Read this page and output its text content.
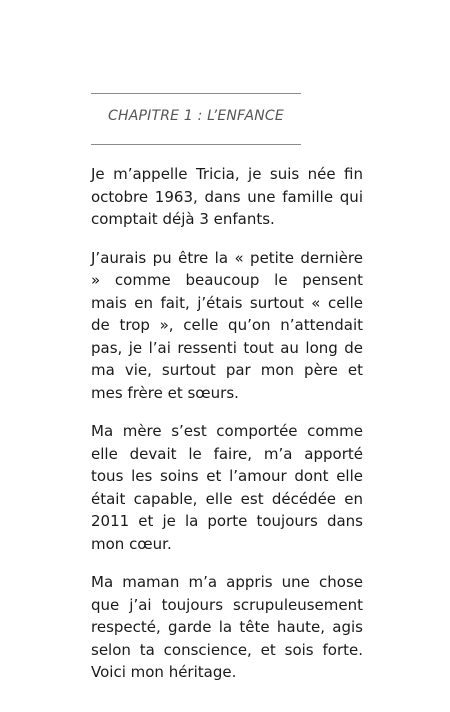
CHAPITRE 1 : L’ENFANCE

Je m’appelle Tricia, je suis née fin octobre 1963, dans une famille qui comptait déjà 3 enfants.

J’aurais pu être la « petite dernière » comme beaucoup le pensent mais en fait, j’étais surtout « celle de trop », celle qu’on n’attendait pas, je l’ai ressenti tout au long de ma vie, surtout par mon père et mes frère et sœurs.

Ma mère s’est comportée comme elle devait le faire, m’a apporté tous les soins et l’amour dont elle était capable, elle est décédée en 2011 et je la porte toujours dans mon cœur.

Ma maman m’a appris une chose que j’ai toujours scrupuleusement respecté, garde la tête haute, agis selon ta conscience, et sois forte. Voici mon héritage.
